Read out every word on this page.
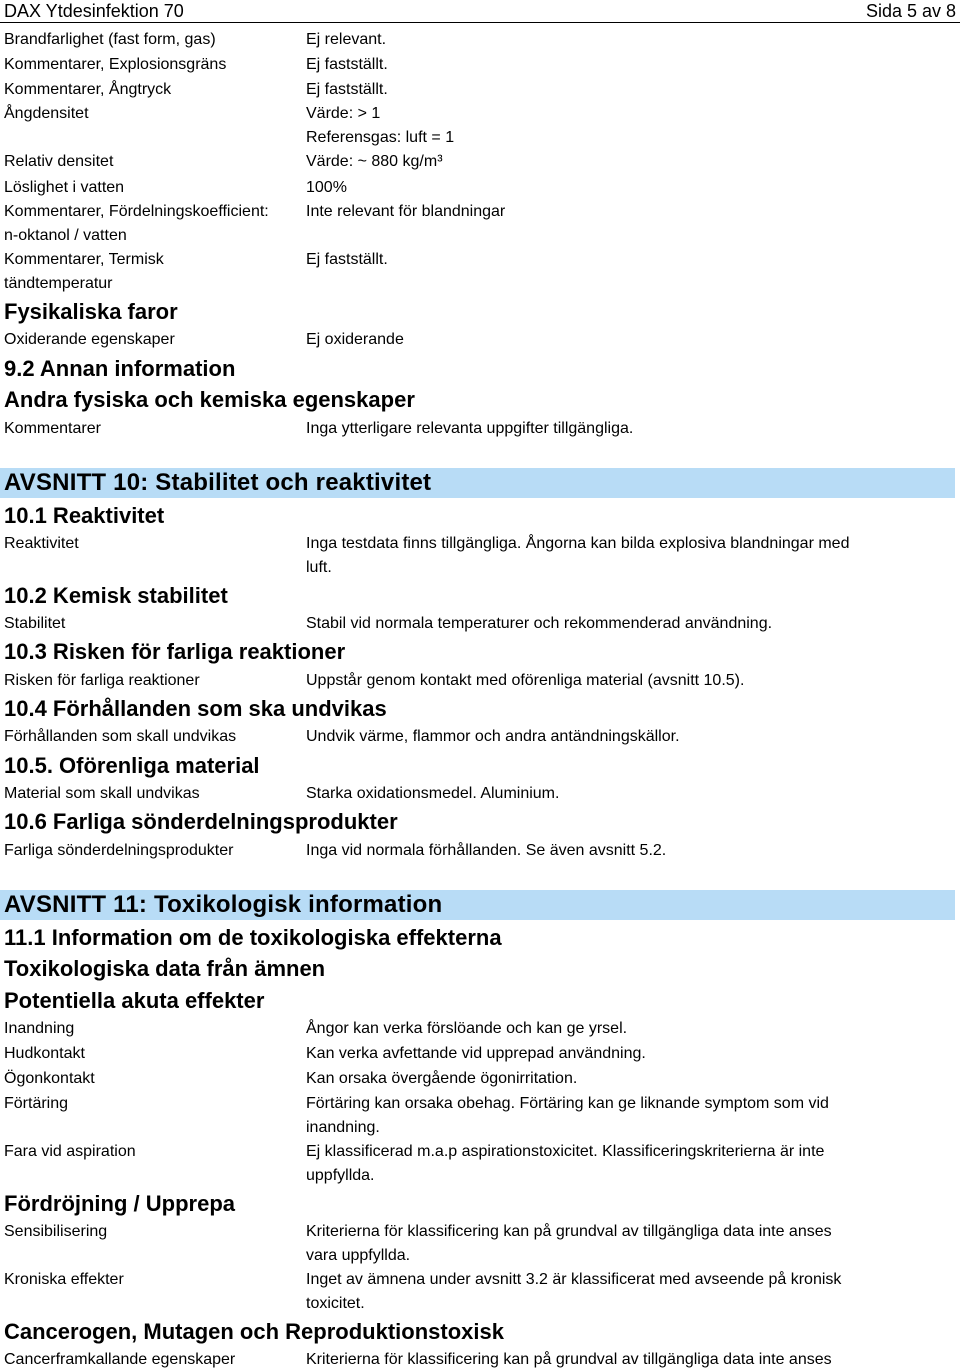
DAX Ytdesinfektion 70	Sida 5 av 8
Brandfarlighet (fast form, gas)	Ej relevant.
Kommentarer, Explosionsgräns	Ej fastställt.
Kommentarer, Ångtryck	Ej fastställt.
Ångdensitet	Värde: > 1
Referensgas: luft = 1
Relativ densitet	Värde: ~ 880 kg/m³
Löslighet i vatten	100%
Kommentarer, Fördelningskoefficient:	Inte relevant för blandningar
n-oktanol / vatten
Kommentarer, Termisk	Ej fastställt.
tändtemperatur
Fysikaliska faror
Oxiderande egenskaper	Ej oxiderande
9.2 Annan information
Andra fysiska och kemiska egenskaper
Kommentarer	Inga ytterligare relevanta uppgifter tillgängliga.
AVSNITT 10: Stabilitet och reaktivitet
10.1 Reaktivitet
Reaktivitet	Inga testdata finns tillgängliga. Ångorna kan bilda explosiva blandningar med
luft.
10.2 Kemisk stabilitet
Stabilitet	Stabil vid normala temperaturer och rekommenderad användning.
10.3 Risken för farliga reaktioner
Risken för farliga reaktioner	Uppstår genom kontakt med oförenliga material (avsnitt 10.5).
10.4 Förhållanden som ska undvikas
Förhållanden som skall undvikas	Undvik värme, flammor och andra antändningskällor.
10.5. Oförenliga material
Material som skall undvikas	Starka oxidationsmedel. Aluminium.
10.6 Farliga sönderdelningsprodukter
Farliga sönderdelningsprodukter	Inga vid normala förhållanden. Se även avsnitt 5.2.
AVSNITT 11: Toxikologisk information
11.1 Information om de toxikologiska effekterna
Toxikologiska data från ämnen
Potentiella akuta effekter
Inandning	Ångor kan verka förslöande och kan ge yrsel.
Hudkontakt	Kan verka avfettande vid upprepad användning.
Ögonkontakt	Kan orsaka övergående ögonirritation.
Förtäring	Förtäring kan orsaka obehag. Förtäring kan ge liknande symptom som vid
inandning.
Fara vid aspiration	Ej klassificerad m.a.p aspirationstoxicitet. Klassificeringskriterierna är inte
uppfyllda.
Fördröjning / Upprepa
Sensibilisering	Kriterierna för klassificering kan på grundval av tillgängliga data inte anses
vara uppfyllda.
Kroniska effekter	Inget av ämnena under avsnitt 3.2 är klassificerat med avseende på kronisk
toxicitet.
Cancerogen, Mutagen och Reproduktionstoxisk
Cancerframkallande egenskaper	Kriterierna för klassificering kan på grundval av tillgängliga data inte anses
